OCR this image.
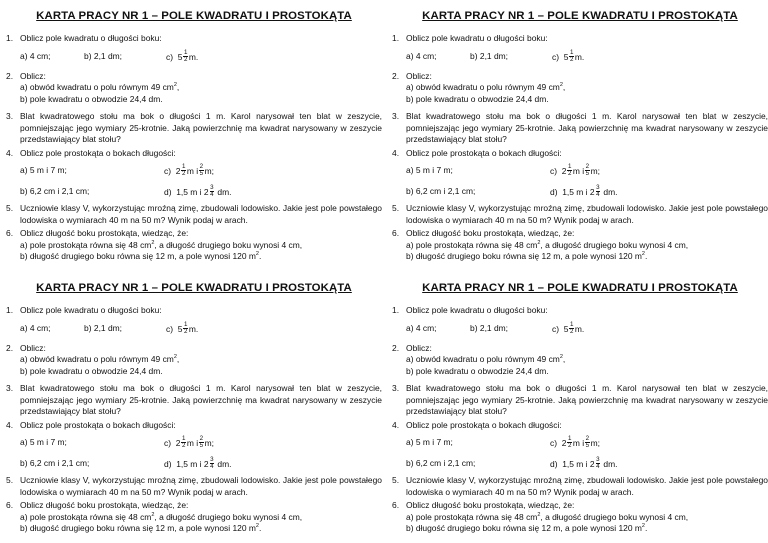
KARTA PRACY NR 1 – POLE KWADRATU I PROSTOKĄTA
1. Oblicz pole kwadratu o długości boku:
a) 4 cm;	b) 2,1 dm;	c) $5 \frac{1}{2} m$.
2. Oblicz:
a) obwód kwadratu o polu równym 49 $cm^2$,
b) pole kwadratu o obwodzie 24,4 dm.
3. Blat kwadratowego stołu ma bok o długości 1 m. Karol narysował ten blat w zeszycie, pomniejszając jego wymiary 25-krotnie. Jaką powierzchnię ma kwadrat narysowany w zeszycie przedstawiający blat stołu?
4. Oblicz pole prostokąta o bokach długości:
a) 5 m i 7 m;	c) $2 \frac{1}{2}$ m i $\frac{2}{5} m$;
b) 6,2 cm i 2,1 cm;	d) 1,5 m i $2 \frac{3}{4}$ dm.
5. Uczniowie klasy V, wykorzystując mroźną zimę, zbudowali lodowisko. Jakie jest pole powstałego lodowiska o wymiarach 40 m na 50 m? Wynik podaj w arach.
6. Oblicz długość boku prostokąta, wiedząc, że:
a) pole prostokąta równa się 48 $cm^2$, a długość drugiego boku wynosi 4 cm,
b) długość drugiego boku równa się 12 m, a pole wynosi 120 $m^2$.
KARTA PRACY NR 1 – POLE KWADRATU I PROSTOKĄTA
1. Oblicz pole kwadratu o długości boku:
a) 4 cm;	b) 2,1 dm;	c) $5 \frac{1}{2} m$.
2. Oblicz:
a) obwód kwadratu o polu równym 49 $cm^2$,
b) pole kwadratu o obwodzie 24,4 dm.
3. Blat kwadratowego stołu ma bok o długości 1 m. Karol narysował ten blat w zeszycie, pomniejszając jego wymiary 25-krotnie. Jaką powierzchnię ma kwadrat narysowany w zeszycie przedstawiający blat stołu?
4. Oblicz pole prostokąta o bokach długości:
a) 5 m i 7 m;	c) $2 \frac{1}{2}$ m i $\frac{2}{5} m$;
b) 6,2 cm i 2,1 cm;	d) 1,5 m i $2 \frac{3}{4}$ dm.
5. Uczniowie klasy V, wykorzystując mroźną zimę, zbudowali lodowisko. Jakie jest pole powstałego lodowiska o wymiarach 40 m na 50 m? Wynik podaj w arach.
6. Oblicz długość boku prostokąta, wiedząc, że:
a) pole prostokąta równa się 48 $cm^2$, a długość drugiego boku wynosi 4 cm,
b) długość drugiego boku równa się 12 m, a pole wynosi 120 $m^2$.
KARTA PRACY NR 1 – POLE KWADRATU I PROSTOKĄTA
1. Oblicz pole kwadratu o długości boku:
a) 4 cm;	b) 2,1 dm;	c) $5 \frac{1}{2} m$.
2. Oblicz:
a) obwód kwadratu o polu równym 49 $cm^2$,
b) pole kwadratu o obwodzie 24,4 dm.
3. Blat kwadratowego stołu ma bok o długości 1 m. Karol narysował ten blat w zeszycie, pomniejszając jego wymiary 25-krotnie. Jaką powierzchnię ma kwadrat narysowany w zeszycie przedstawiający blat stołu?
4. Oblicz pole prostokąta o bokach długości:
a) 5 m i 7 m;	c) $2 \frac{1}{2}$ m i $\frac{2}{5} m$;
b) 6,2 cm i 2,1 cm;	d) 1,5 m i $2 \frac{3}{4}$ dm.
5. Uczniowie klasy V, wykorzystując mroźną zimę, zbudowali lodowisko. Jakie jest pole powstałego lodowiska o wymiarach 40 m na 50 m? Wynik podaj w arach.
6. Oblicz długość boku prostokąta, wiedząc, że:
a) pole prostokąta równa się 48 $cm^2$, a długość drugiego boku wynosi 4 cm,
b) długość drugiego boku równa się 12 m, a pole wynosi 120 $m^2$.
KARTA PRACY NR 1 – POLE KWADRATU I PROSTOKĄTA
1. Oblicz pole kwadratu o długości boku:
a) 4 cm;	b) 2,1 dm;	c) $5 \frac{1}{2} m$.
2. Oblicz:
a) obwód kwadratu o polu równym 49 $cm^2$,
b) pole kwadratu o obwodzie 24,4 dm.
3. Blat kwadratowego stołu ma bok o długości 1 m. Karol narysował ten blat w zeszycie, pomniejszając jego wymiary 25-krotnie. Jaką powierzchnię ma kwadrat narysowany w zeszycie przedstawiający blat stołu?
4. Oblicz pole prostokąta o bokach długości:
a) 5 m i 7 m;	c) $2 \frac{1}{2}$ m i $\frac{2}{5} m$;
b) 6,2 cm i 2,1 cm;	d) 1,5 m i $2 \frac{3}{4}$ dm.
5. Uczniowie klasy V, wykorzystując mroźną zimę, zbudowali lodowisko. Jakie jest pole powstałego lodowiska o wymiarach 40 m na 50 m? Wynik podaj w arach.
6. Oblicz długość boku prostokąta, wiedząc, że:
a) pole prostokąta równa się 48 $cm^2$, a długość drugiego boku wynosi 4 cm,
b) długość drugiego boku równa się 12 m, a pole wynosi 120 $m^2$.
